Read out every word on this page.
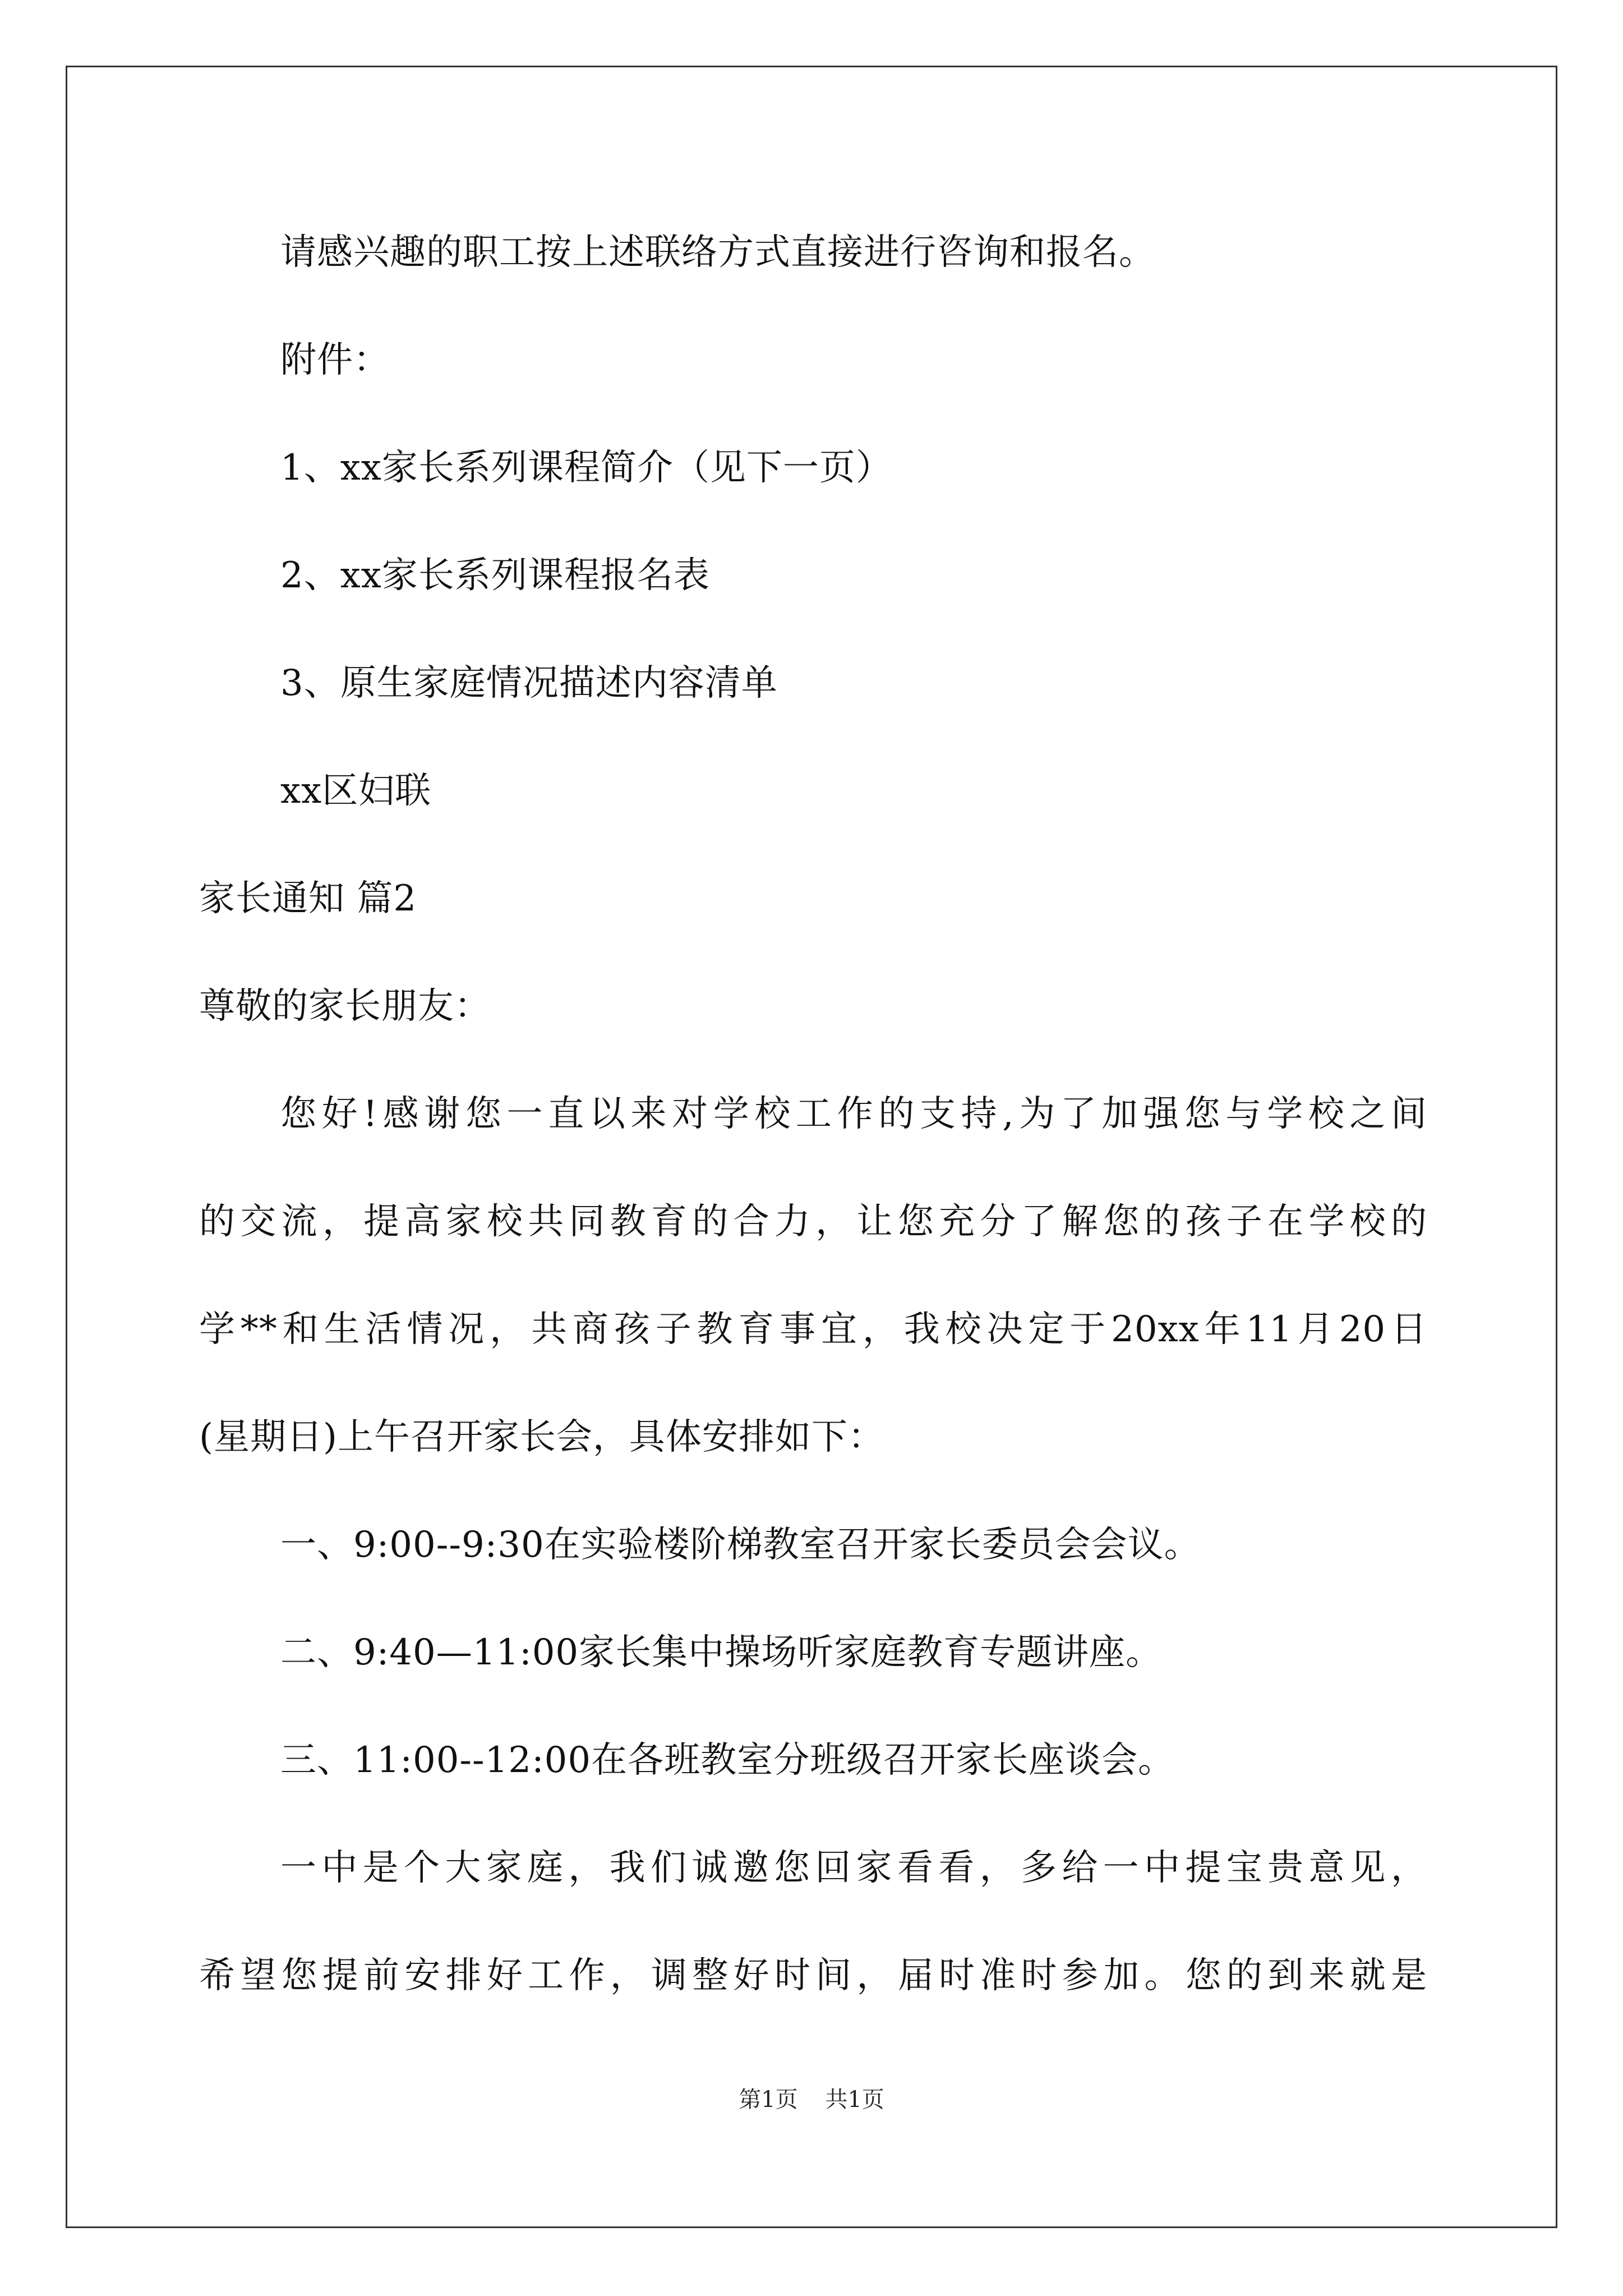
请感兴趣的职工按上述联络方式直接进行咨询和报名。
附件：
1、xx家长系列课程简介（见下一页）
2、xx家长系列课程报名表
3、原生家庭情况描述内容清单
xx区妇联
家长通知 篇2
尊敬的家长朋友：
您好!感谢您一直以来对学校工作的支持,为了加强您与学校之间
的交流，提高家校共同教育的合力，让您充分了解您的孩子在学校的
学**和生活情况，共商孩子教育事宜，我校决定于20xx年11月20日
(星期日)上午召开家长会，具体安排如下：
一、9:00--9:30在实验楼阶梯教室召开家长委员会会议。
二、9:40—11:00家长集中操场听家庭教育专题讲座。
三、11:00--12:00在各班教室分班级召开家长座谈会。
一中是个大家庭，我们诚邀您回家看看，多给一中提宝贵意见，
希望您提前安排好工作，调整好时间，届时准时参加。您的到来就是
第1页 共1页
